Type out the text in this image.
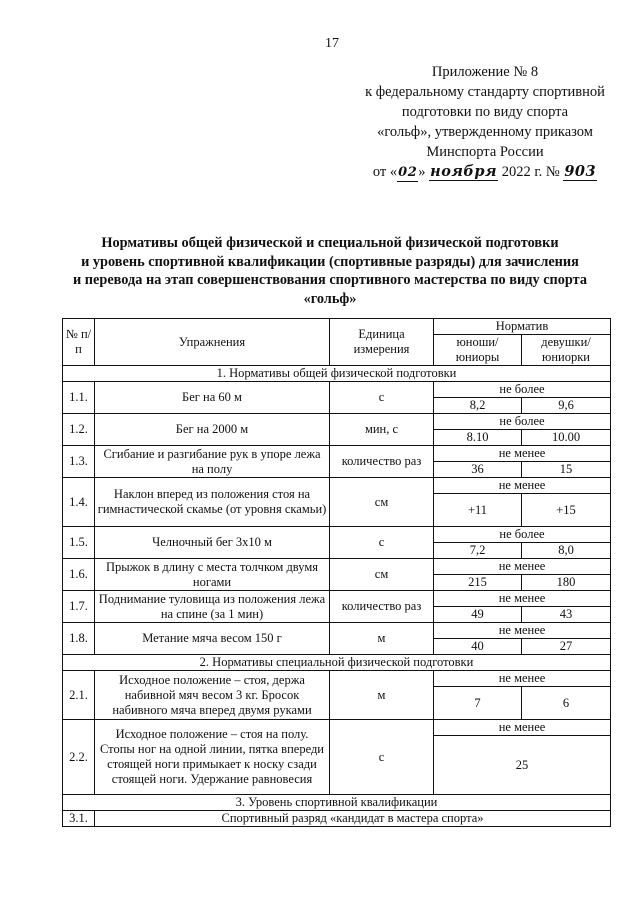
17
Приложение № 8
к федеральному стандарту спортивной
подготовки по виду спорта
«гольф», утвержденному приказом
Минспорта России
от «02» ноября 2022 г. № 903
Нормативы общей физической и специальной физической подготовки
и уровень спортивной квалификации (спортивные разряды) для зачисления
и перевода на этап совершенствования спортивного мастерства по виду спорта
«гольф»
№ п/п	Упражнения	Единица измерения	Норматив	
			юноши/ юниоры	девушки/ юниорки
1. Нормативы общей физической подготовки				
1.1.	Бег на 60 м	с	не более	
			8,2	9,6
1.2.	Бег на 2000 м	мин, с	не более	
			8.10	10.00
1.3.	Сгибание и разгибание рук в упоре лежа на полу	количество раз	не менее	
			36	15
1.4.	Наклон вперед из положения стоя на гимнастической скамье (от уровня скамьи)	см	не менее	
			+11	+15
1.5.	Челночный бег 3х10 м	с	не более	
			7,2	8,0
1.6.	Прыжок в длину с места толчком двумя ногами	см	не менее	
			215	180
1.7.	Поднимание туловища из положения лежа на спине (за 1 мин)	количество раз	не менее	
			49	43
1.8.	Метание мяча весом 150 г	м	не менее	
			40	27
2. Нормативы специальной физической подготовки				
2.1.	Исходное положение – стоя, держа набивной мяч весом 3 кг. Бросок набивного мяча вперед двумя руками	м	не менее	
			7	6
2.2.	Исходное положение – стоя на полу. Стопы ног на одной линии, пятка впереди стоящей ноги примыкает к носку сзади стоящей ноги. Удержание равновесия	с	не менее	
			25	
3. Уровень спортивной квалификации				
3.1.	Спортивный разряд «кандидат в мастера спорта»			
